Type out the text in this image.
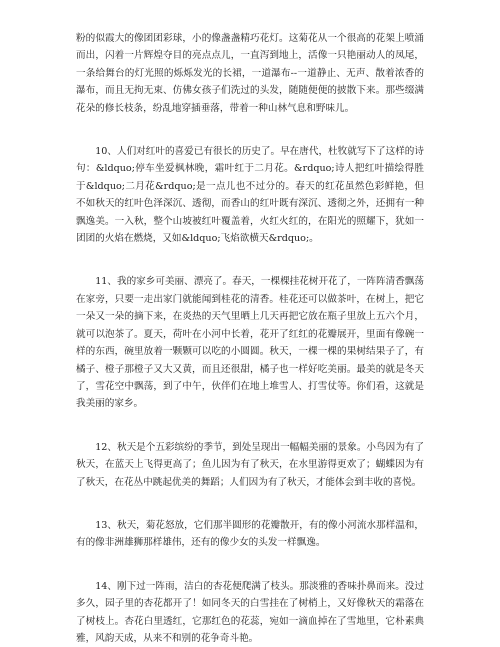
粉的似霞大的像团团彩球，小的像盏盏精巧花灯。这菊花从一个很高的花架上喷涌而出，闪着一片辉煌夺目的亮点点儿，一直泻到地上，活像一只艳丽动人的凤尾，一条给舞台的灯光照的烁烁发光的长裙，一道瀑布--一道静止、无声、散着浓香的瀑布，而且无拘无束、仿佛女孩子们洗过的头发，随随便便的披散下来。那些缀满花朵的修长枝条，纷乱地穿插垂落，带着一种山林气息和野味儿。

10、人们对红叶的喜爱已有很长的历史了。早在唐代，杜牧就写下了这样的诗句：&ldquo;停车坐爱枫林晚，霜叶红于二月花。&rdquo;诗人把红叶描绘得胜于&ldquo;二月花&rdquo;是一点儿也不过分的。春天的红花虽然色彩鲜艳，但不如秋天的红叶色泽深沉、透彻，而香山的红叶既有深沉、透彻之外，还拥有一种飘逸美。一入秋，整个山坡被红叶覆盖着，火红火红的，在阳光的照耀下，犹如一团团的火焰在燃烧，又如&ldquo;飞焰欲横天&rdquo;。

11、我的家乡可美丽、漂亮了。春天，一棵棵挂花树开花了，一阵阵清香飘荡在家旁，只要一走出家门就能闻到桂花的清香。桂花还可以做茶叶，在树上，把它一朵又一朵的摘下来，在炎热的天气里晒上几天再把它放在瓶子里放上五六个月，就可以泡茶了。夏天，荷叶在小河中长着，花开了红红的花瓣展开，里面有像碗一样的东西，碗里放着一颗颗可以吃的小圆圆。秋天，一棵一棵的果树结果子了，有橘子、橙子那橙子又大又黄，而且还很甜，橘子也一样好吃美丽。最美的就是冬天了，雪花空中飘荡，到了中午，伙伴们在地上堆雪人、打雪仗等。你们看，这就是我美丽的家乡。

12、秋天是个五彩缤纷的季节，到处呈现出一幅幅美丽的景象。小鸟因为有了秋天，在蓝天上飞得更高了；鱼儿因为有了秋天，在水里游得更欢了；蝴蝶因为有了秋天，在花丛中跳起优美的舞蹈；人们因为有了秋天，才能体会到丰收的喜悦。

13、秋天，菊花怒放，它们那半圆形的花瓣散开，有的像小河流水那样温和，有的像非洲雄狮那样雄伟，还有的像少女的头发一样飘逸。

14、刚下过一阵雨，洁白的杏花便爬满了枝头。那淡雅的香味扑鼻而来。没过多久，园子里的杏花都开了！如同冬天的白雪挂在了树梢上，又好像秋天的霜落在了树枝上。杏花白里透红，它那红色的花蕊，宛如一滴血掉在了雪地里，它朴素典雅，风韵天成，从来不和别的花争奇斗艳。
